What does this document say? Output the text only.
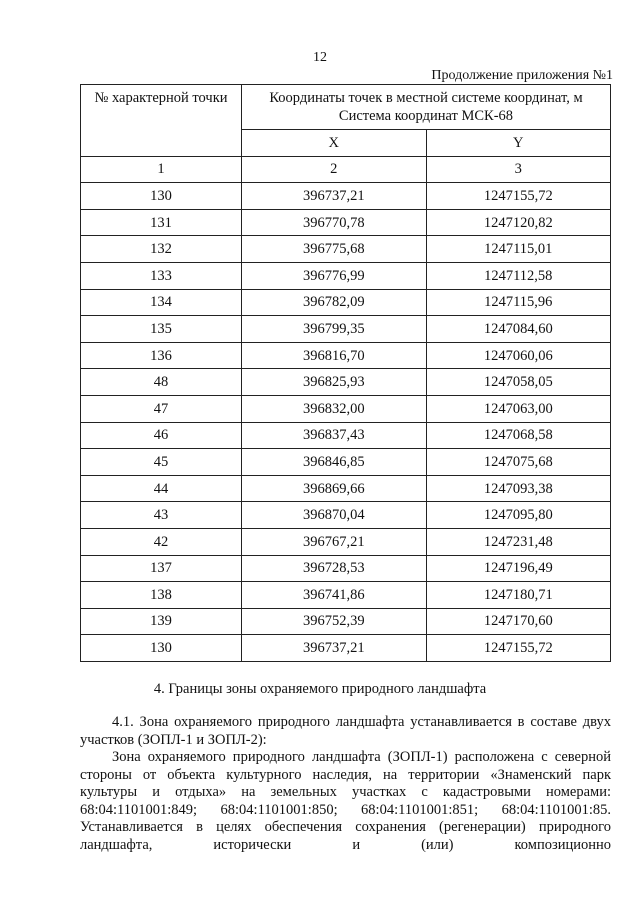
12
Продолжение приложения №1
№ характерной точки	Координаты точек в местной системе координат, м
Система координат МСК-68	
	X	Y
1	2	3
130	396737,21	1247155,72
131	396770,78	1247120,82
132	396775,68	1247115,01
133	396776,99	1247112,58
134	396782,09	1247115,96
135	396799,35	1247084,60
136	396816,70	1247060,06
48	396825,93	1247058,05
47	396832,00	1247063,00
46	396837,43	1247068,58
45	396846,85	1247075,68
44	396869,66	1247093,38
43	396870,04	1247095,80
42	396767,21	1247231,48
137	396728,53	1247196,49
138	396741,86	1247180,71
139	396752,39	1247170,60
130	396737,21	1247155,72
4. Границы зоны охраняемого природного ландшафта

4.1. Зона охраняемого природного ландшафта устанавливается в составе двух участков (ЗОПЛ-1 и ЗОПЛ-2):

Зона охраняемого природного ландшафта (ЗОПЛ-1) расположена с северной стороны от объекта культурного наследия, на территории «Знаменский парк культуры и отдыха» на земельных участках с кадастровыми номерами: 68:04:1101001:849; 68:04:1101001:850; 68:04:1101001:851; 68:04:1101001:85. Устанавливается в целях обеспечения сохранения (регенерации) природного ландшафта, исторически и (или) композиционно
